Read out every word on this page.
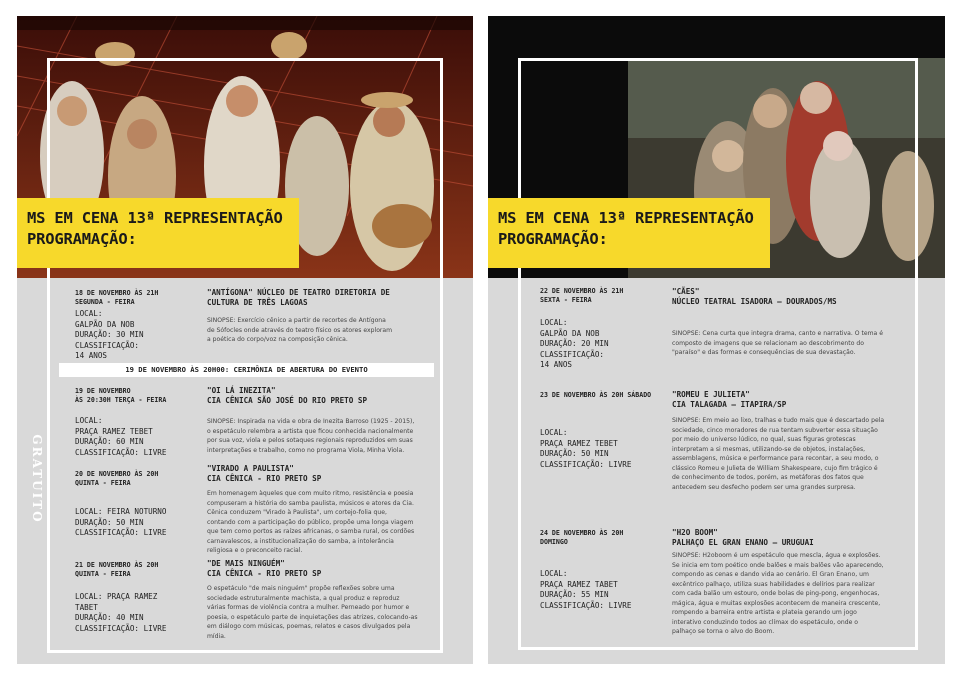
MS EM CENA 13ª REPRESENTAÇÃO
PROGRAMAÇÃO:
GRATUITO
18 DE NOVEMBRO ÀS 21H
SEGUNDA - FEIRA
"ANTÍGONA" NÚCLEO DE TEATRO DIRETORIA DE
CULTURA DE TRÊS LAGOAS
LOCAL:
GALPÃO DA NOB
DURAÇÃO: 30 MIN
CLASSIFICAÇÃO:
14 ANOS
SINOPSE: Exercício cênico a partir de recortes de Antígona
de Sófocles onde através do teatro físico os atores exploram
a poética do corpo/voz na composição cênica.
19 DE NOVEMBRO ÀS 20H00: CERIMÔNIA DE ABERTURA DO EVENTO
19 DE NOVEMBRO
ÀS 20:30H TERÇA - FEIRA
"OI LÁ INEZITA"
CIA CÊNICA SÃO JOSÉ DO RIO PRETO SP
LOCAL:
PRAÇA RAMEZ TEBET
DURAÇÃO: 60 MIN
CLASSIFICAÇÃO: LIVRE
SINOPSE: Inspirada na vida e obra de Inezita Barroso (1925 - 2015),
o espetáculo relembra a artista que ficou conhecida nacionalmente
por sua voz, viola e pelos sotaques regionais reproduzidos em suas
interpretações e trabalho, como no programa Viola, Minha Viola.
20 DE NOVEMBRO ÀS 20H
QUINTA - FEIRA
"VIRADO A PAULISTA"
CIA CÊNICA - RIO PRETO SP
LOCAL: FEIRA NOTURNO
DURAÇÃO: 50 MIN
CLASSIFICAÇÃO: LIVRE
Em homenagem àqueles que com muito ritmo, resistência e poesia
compuseram a história do samba paulista, músicos e atores da Cia.
Cênica conduzem "Virado à Paulista", um cortejo-folia que,
contando com a participação do público, propõe uma longa viagem
que tem como portos as raízes africanas, o samba rural, os cordões
carnavalescos, a institucionalização do samba, a intolerância
religiosa e o preconceito racial.
21 DE NOVEMBRO ÀS 20H
QUINTA - FEIRA
"DE MAIS NINGUÉM"
CIA CÊNICA - RIO PRETO SP
LOCAL: PRAÇA RAMEZ
TABET
DURAÇÃO: 40 MIN
CLASSIFICAÇÃO: LIVRE
O espetáculo "de mais ninguém" propõe reflexões sobre uma
sociedade estruturalmente machista, a qual produz e reproduz
várias formas de violência contra a mulher. Perneado por humor e
poesia, o espetáculo parte de inquietações das atrizes, colocando-as
em diálogo com músicas, poemas, relatos e casos divulgados pela
mídia.
MS EM CENA 13ª REPRESENTAÇÃO
PROGRAMAÇÃO:
22 DE NOVEMBRO ÀS 21H
SEXTA - FEIRA
"CÃES"
NÚCLEO TEATRAL ISADORA – DOURADOS/MS
LOCAL:
GALPÃO DA NOB
DURAÇÃO: 20 MIN
CLASSIFICAÇÃO:
14 ANOS
SINOPSE: Cena curta que integra drama, canto e narrativa. O tema é
composto de imagens que se relacionam ao descobrimento do
"paraíso" e das formas e consequências de sua devastação.
23 DE NOVEMBRO ÀS 20H SÁBADO	"ROMEU E JULIETA"
CIA TALAGADA – ITAPIRA/SP
LOCAL:
PRAÇA RAMEZ TEBET
DURAÇÃO: 50 MIN
CLASSIFICAÇÃO: LIVRE
SINOPSE: Em meio ao lixo, tralhas e tudo mais que é descartado pela
sociedade, cinco moradores de rua tentam subverter essa situação
por meio do universo lúdico, no qual, suas figuras grotescas
interpretam a si mesmas, utilizando-se de objetos, instalações,
assemblagens, música e performance para recontar, a seu modo, o
clássico Romeu e Julieta de William Shakespeare, cujo fim trágico é
de conhecimento de todos, porém, as metáforas dos fatos que
antecedem seu desfecho podem ser uma grandes surpresa.
24 DE NOVEMBRO ÀS 20H
DOMINGO
"H2O BOOM"
PALHAÇO EL GRAN ENANO – URUGUAI
LOCAL:
PRAÇA RAMEZ TABET
DURAÇÃO: 55 MIN
CLASSIFICAÇÃO: LIVRE
SINOPSE: H2oboom é um espetáculo que mescla, água e explosões.
Se inicia em tom poético onde balões e mais balões vão aparecendo,
compondo as cenas e dando vida ao cenário. El Gran Enano, um
excêntrico palhaço, utiliza suas habilidades e delírios para realizar
com cada balão um estouro, onde bolas de ping-pong, engenhocas,
mágica, água e muitas explosões acontecem de maneira crescente,
rompendo a barreira entre artista e plateia gerando um jogo
interativo conduzindo todos ao clímax do espetáculo, onde o
palhaço se torna o alvo do Boom.
